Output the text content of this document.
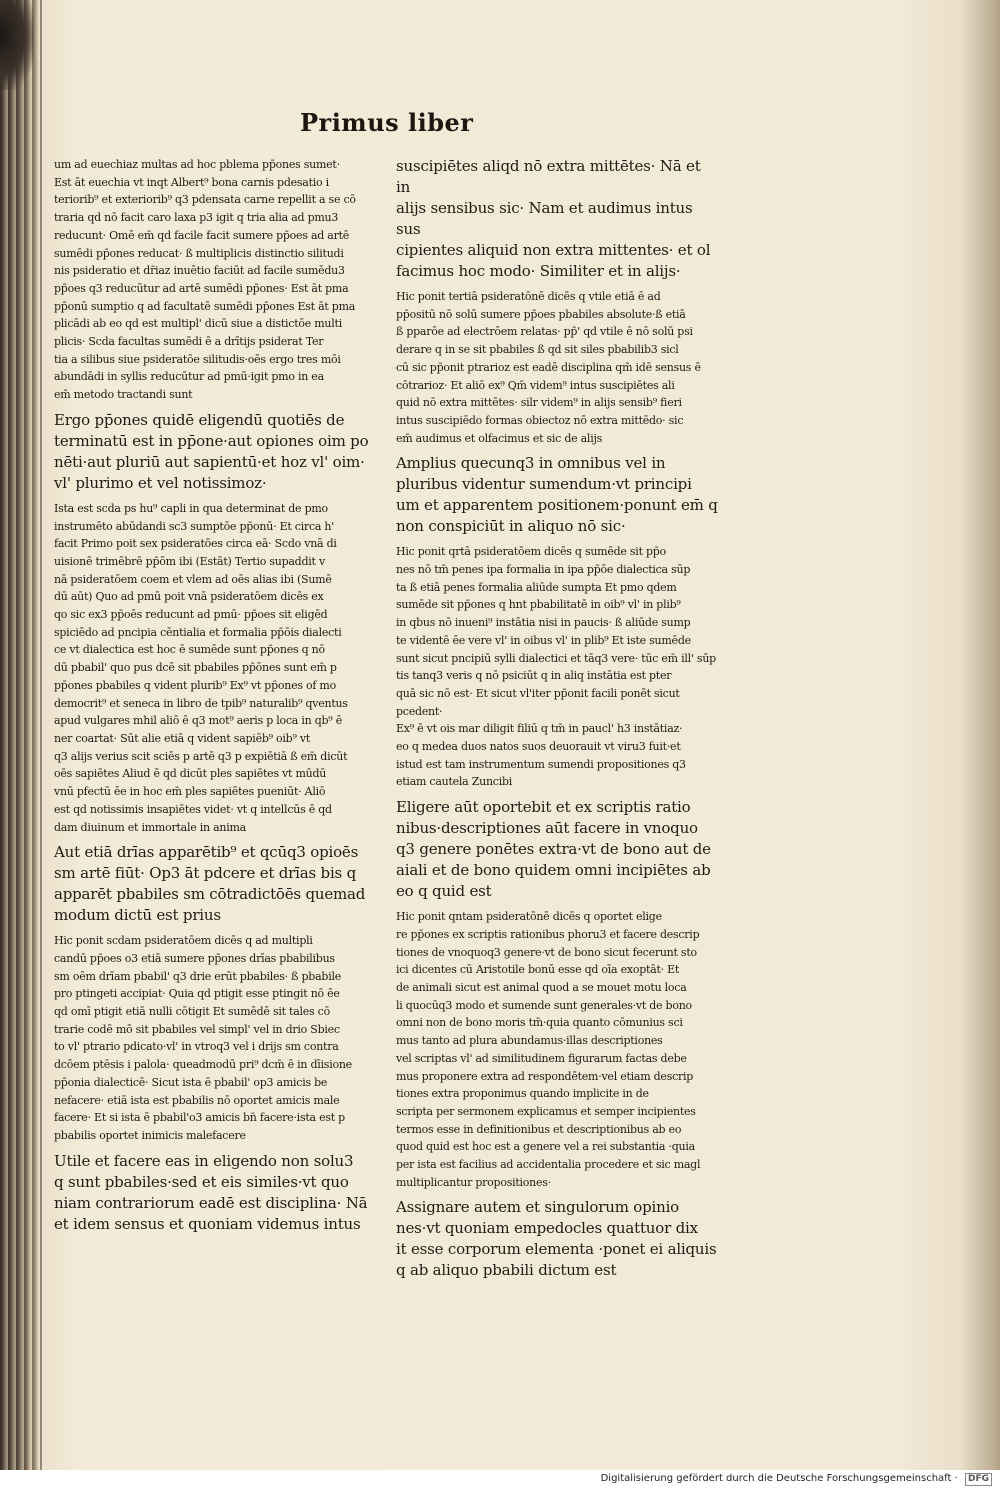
Primus liber

um ad euechiaz multas ad hoc pblema pp̄ones sumet·
Est āt euechia vt inqt Albert⁹ bona carnis pdesatio i
teriorib⁹ et exteriorib⁹ q3 pdensata carne repellit a se cō
traria qd nō facit caro laxa p3 igit q tria alia ad pmu3
reducunt· Omē em̄ qd facile facit sumere pp̄oes ad artē
sumēdi pp̄ones reducat· ß multiplicis distinctio silitudi
nis psideratio et dr̄iaz inuētio faciūt ad facile sumēdu3
pp̄oes q3 reducūtur ad artē sumēdi pp̄ones· Est āt pma
pp̄onū sumptio q ad facultatē sumēdi pp̄ones Est āt pma
plicādi ab eo qd est multipl' dicū siue a distictōe multi
plicis· Scda facultas sumēdi ē a drītijs psiderat Ter
tia a silibus siue psideratōe silitudis·oēs ergo tres mōi
abundādi in syllis reducūtur ad pmū·igit pmo in ea
em̄ metodo tractandi sunt

Ergo pp̄ones quidē eligendū quotiēs de
terminatū est in pp̄one·aut opiones oim po
nēti·aut pluriū aut sapientū·et hoz vl' oim·
vl' plurimo et vel notissimoz·

Ista est scda ps hu⁹ capli in qua determinat de pmo
instrumēto abūdandi sc3 sumptōe pp̄onū· Et circa h'
facit Primo poit sex psideratōes circa eā· Scdo vnā di
uisionē trimēbrē pp̄ōm ibi (Estāt) Tertio supaddit v
nā psideratōem coem et vlem ad oēs alias ibi (Sumē
dū aūt) Quo ad pmū poit vnā psideratōem dicēs ex
qo sic ex3 pp̄oēs reducunt ad pmū· pp̄oes sit eligēd
spiciēdo ad pncipia cēntialia et formalia pp̄ōis dialecti
ce vt dialectica est hoc ē sumēde sunt pp̄ones q nō
dū pbabil' quo pus dcē sit pbabiles pp̄ōnes sunt em̄ p
pp̄ones pbabiles q vident plurib⁹ Ex⁹ vt pp̄ones of mo
democrit⁹ et seneca in libro de tpib⁹ naturalib⁹ qventus
apud vulgares mhil aliō ē q3 mot⁹ aeris p loca in qb⁹ ē
ner coartat· Sūt alie etiā q vident sapiēb⁹ oib⁹ vt
q3 alijs verius scit sciēs p artē q3 p expiētiā ß em̄ dicūt
oēs sapiētes Aliud ē qd dicūt ples sapiētes vt mūdū
vnū pfectū ēe in hoc em̄ ples sapiētes pueniūt· Aliō
est qd notissimis insapiētes videt· vt q intellcūs ē qd
dam diuinum et immortale in anima

Aut etiā drīas apparētib⁹ et qcūq3 opioēs
sm artē fiūt· Op3 āt pdcere et drīas bis q
apparēt pbabiles sm cōtradictōēs quemad
modum dictū est prius

Hic ponit scdam psideratōem dicēs q ad multipli
candū pp̄oes o3 etiā sumere pp̄ones drīas pbabilibus
sm oēm drīam pbabil' q3 drie erūt pbabiles· ß pbabile
pro ptingeti accipiat· Quia qd ptigit esse ptingit nō ēe
qd omī ptigit etiā nulli cōtigit Et sumēdē sit tales cō
trarie codē mō sit pbabiles vel simpl' vel in drio Sbiec
to vl' ptrario pdicato·vl' in vtroq3 vel i drijs sm contra
dcōem ptēsis i palola· queadmodū pri⁹ dcm̄ ē in dīisione
pp̄onia dialecticē· Sicut ista ē pbabil' op3 amicis be
nefacere· etiā ista est pbabilis nō oportet amicis male
facere· Et si ista ē pbabil'o3 amicis bn̄ facere·ista est p
pbabilis oportet inimicis malefacere

Utile et facere eas in eligendo non solu3
q sunt pbabiles·sed et eis similes·vt quo
niam contrariorum eadē est disciplina· Nā
et idem sensus et quoniam videmus intus

suscipiētes aliqd nō extra mittētes· Nā et in
alijs sensibus sic· Nam et audimus intus sus
cipientes aliquid non extra mittentes· et ol
facimus hoc modo· Similiter et in alijs·

Hic ponit tertiā psideratōnē dicēs q vtile etiā ē ad
pp̄ositū nō solū sumere pp̄oes pbabiles absolute·ß etiā
ß pparōe ad electrōem relatas· pp̄' qd vtile ē nō solū psi
derare q in se sit pbabiles ß qd sit siles pbabilib3 sicl
cū sic pp̄onit ptrarioz est eadē disciplina qm̄ idē sensus ē
cōtrarioz· Et aliō ex⁹ Qm̄ videm⁹ intus suscipiētes ali
quid nō extra mittētes· silr videm⁹ in alijs sensib⁹ fieri
intus suscipiēdo formas obiectoz nō extra mittēdo· sic
em̄ audimus et olfacimus et sic de alijs

Amplius quecunq3 in omnibus vel in
pluribus videntur sumendum·vt principi
um et apparentem positionem·ponunt em̄ q
non conspiciūt in aliquo nō sic·

Hic ponit qrtā psideratōem dicēs q sumēde sit pp̄o
nes nō tm̄ penes ipa formalia in ipa pp̄ōe dialectica sūp
ta ß etiā penes formalia aliūde sumpta Et pmo qdem
sumēde sit pp̄ones q hnt pbabilitatē in oib⁹ vl' in plib⁹
in qbus nō inueni⁹ instātia nisi in paucis· ß aliūde sump
te videntē ēe vere vl' in oibus vl' in plib⁹ Et iste sumēde
sunt sicut pncipiū sylli dialectici et tāq3 vere· tūc em̄ ill' sūp
tis tanq3 veris q nō psiciūt q in aliq instātia est pter
quā sic nō est· Et sicut vl'iter pp̄onit facili ponēt sicut pcedent·
Ex⁹ ē vt ois mar diligit filiū q tm̄ in paucl' h3 instātiaz·
eo q medea duos natos suos deuorauit vt viru3 fuit·et
istud est tam instrumentum sumendi propositiones q3
etiam cautela Zuncibi

Eligere aūt oportebit et ex scriptis ratio
nibus·descriptiones aūt facere in vnoquo
q3 genere ponētes extra·vt de bono aut de
aiali et de bono quidem omni incipiētes ab
eo q quid est

Hic ponit qntam psideratōnē dicēs q oportet elige
re pp̄ones ex scriptis rationibus phoru3 et facere descrip
tiones de vnoquoq3 genere·vt de bono sicut fecerunt sto
ici dicentes cū Aristotile bonū esse qd oīa exoptāt· Et
de animali sicut est animal quod a se mouet motu loca
li quocūq3 modo et sumende sunt generales·vt de bono
omni non de bono moris tm̄·quia quanto cōmunius sci
mus tanto ad plura abundamus·illas descriptiones
vel scriptas vl' ad similitudinem figurarum factas debe
mus proponere extra ad respondētem·vel etiam descrip
tiones extra proponimus quando implicite in de
scripta per sermonem explicamus et semper incipientes
termos esse in definitionibus et descriptionibus ab eo
quod quid est hoc est a genere vel a rei substantia ·quia
per ista est facilius ad accidentalia procedere et sic magl
multiplicantur propositiones·

Assignare autem et singulorum opinio
nes·vt quoniam empedocles quattuor dix
it esse corporum elementa ·ponet ei aliquis
q ab aliquo pbabili dictum est

Digitalisierung gefördert durch die Deutsche Forschungsgemeinschaft · DFG
